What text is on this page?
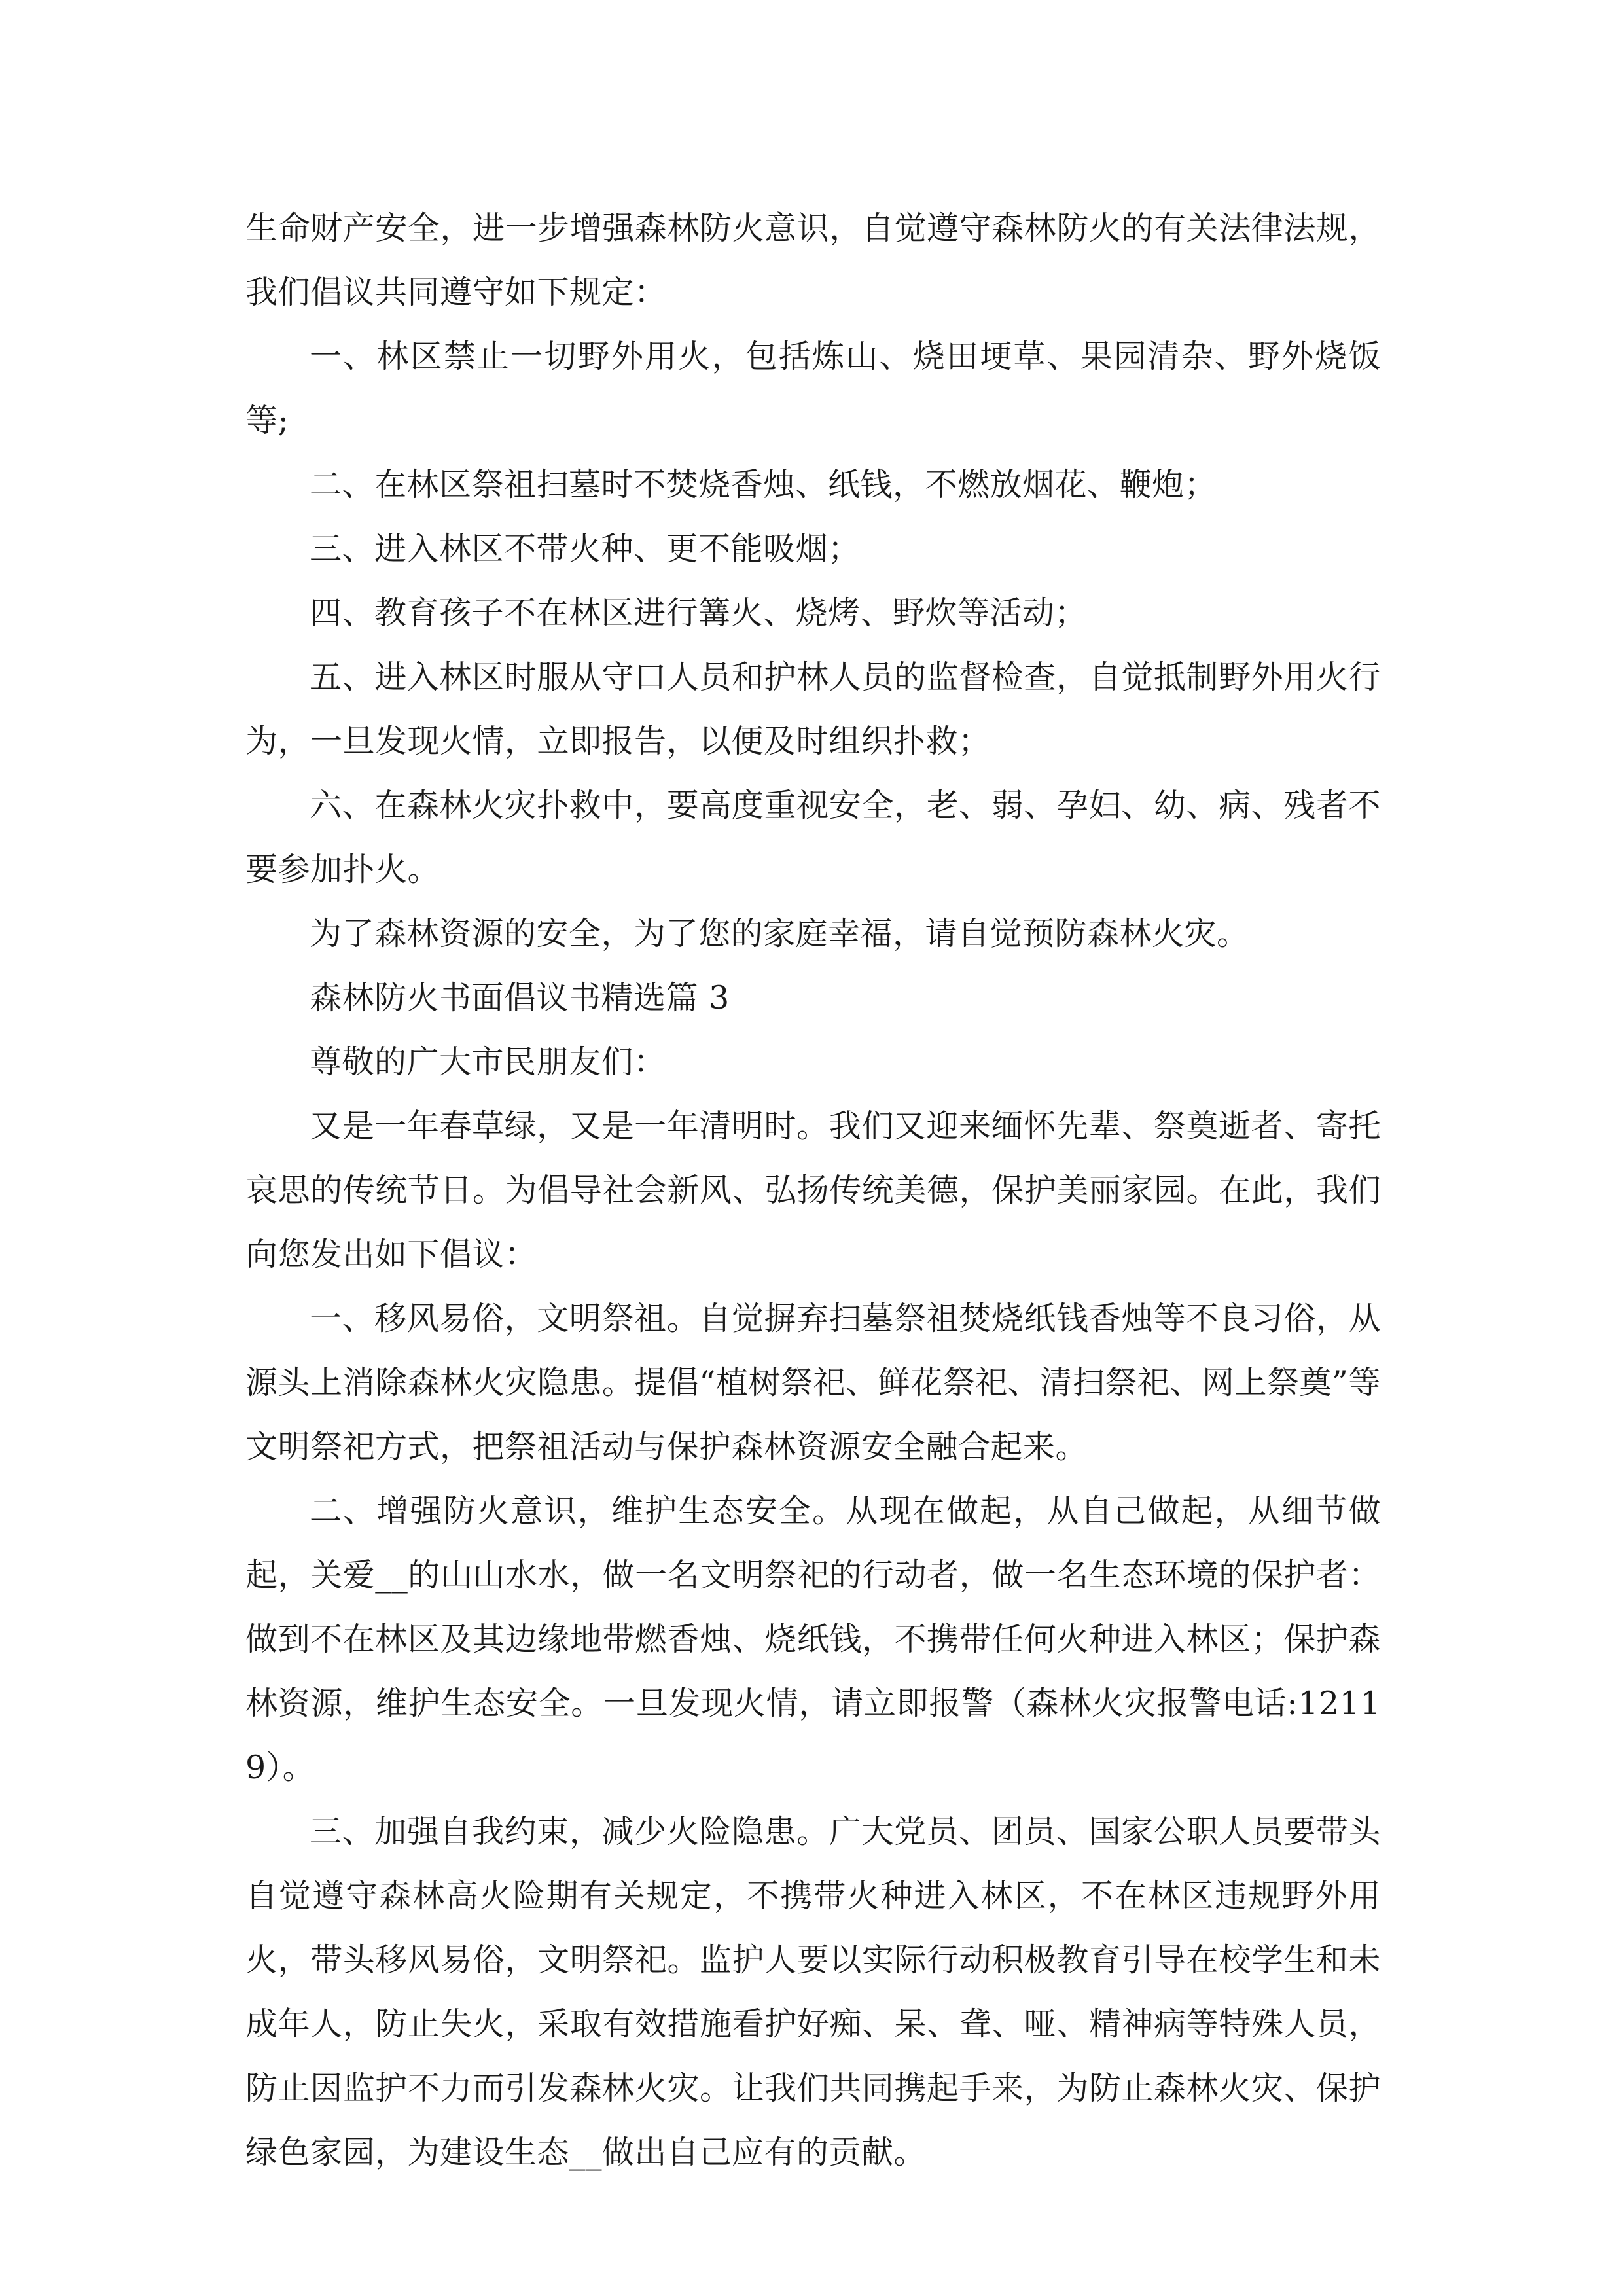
生命财产安全，进一步增强森林防火意识，自觉遵守森林防火的有关法律法规，我们倡议共同遵守如下规定：

一、林区禁止一切野外用火，包括炼山、烧田埂草、果园清杂、野外烧饭等;

二、在林区祭祖扫墓时不焚烧香烛、纸钱，不燃放烟花、鞭炮；

三、进入林区不带火种、更不能吸烟；

四、教育孩子不在林区进行篝火、烧烤、野炊等活动；

五、进入林区时服从守口人员和护林人员的监督检查，自觉抵制野外用火行为，一旦发现火情，立即报告，以便及时组织扑救；

六、在森林火灾扑救中，要高度重视安全，老、弱、孕妇、幼、病、残者不要参加扑火。

为了森林资源的安全，为了您的家庭幸福，请自觉预防森林火灾。

森林防火书面倡议书精选篇 3

尊敬的广大市民朋友们：

又是一年春草绿，又是一年清明时。我们又迎来缅怀先辈、祭奠逝者、寄托哀思的传统节日。为倡导社会新风、弘扬传统美德，保护美丽家园。在此，我们向您发出如下倡议：

一、移风易俗，文明祭祖。自觉摒弃扫墓祭祖焚烧纸钱香烛等不良习俗，从源头上消除森林火灾隐患。提倡“植树祭祀、鲜花祭祀、清扫祭祀、网上祭奠”等文明祭祀方式，把祭祖活动与保护森林资源安全融合起来。

二、增强防火意识，维护生态安全。从现在做起，从自己做起，从细节做起，关爱__的山山水水，做一名文明祭祀的行动者，做一名生态环境的保护者：做到不在林区及其边缘地带燃香烛、烧纸钱，不携带任何火种进入林区；保护森林资源，维护生态安全。一旦发现火情，请立即报警（森林火灾报警电话:12119）。

三、加强自我约束，减少火险隐患。广大党员、团员、国家公职人员要带头自觉遵守森林高火险期有关规定，不携带火种进入林区，不在林区违规野外用火，带头移风易俗，文明祭祀。监护人要以实际行动积极教育引导在校学生和未成年人，防止失火，采取有效措施看护好痴、呆、聋、哑、精神病等特殊人员，防止因监护不力而引发森林火灾。让我们共同携起手来，为防止森林火灾、保护绿色家园，为建设生态__做出自己应有的贡献。
